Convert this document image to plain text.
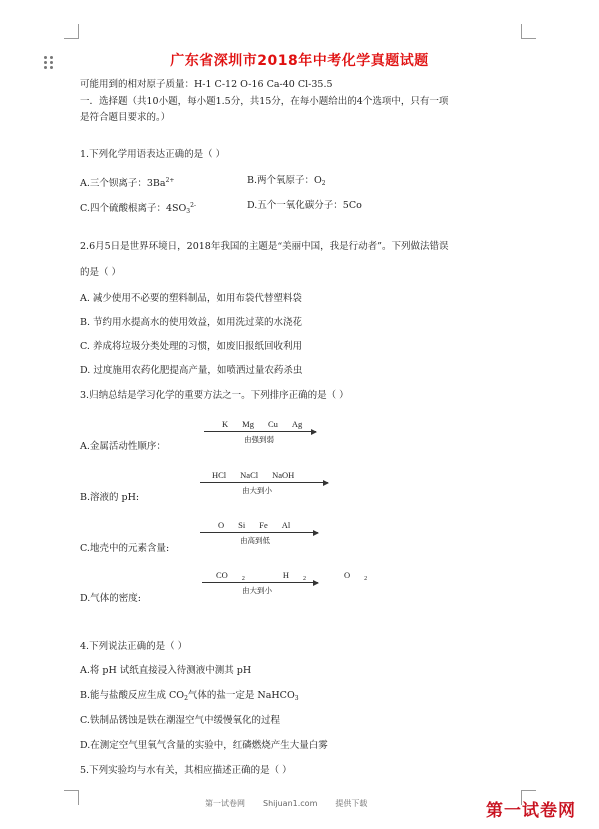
广东省深圳市2018年中考化学真题试题
可能用到的相对原子质量：H-1 C-12 O-16 Ca-40 Cl-35.5
一．选择题（共10小题，每小题1.5分，共15分，在每小题给出的4个选项中，只有一项
是符合题目要求的。）
1.下列化学用语表达正确的是（ ）
A.三个钡离子：$3Ba^{2+}$	B.两个氧原子：$O_2$
C.四个硫酸根离子：$4SO_3^{2-}$	D.五个一氧化碳分子：5Co
2.6月5日是世界环境日，2018年我国的主题是“美丽中国，我是行动者”。下列做法错误
的是（ ）
A. 减少使用不必要的塑料制品，如用布袋代替塑料袋
B. 节约用水提高水的使用效益，如用洗过菜的水浇花
C. 养成将垃圾分类处理的习惯，如废旧报纸回收利用
D. 过度施用农药化肥提高产量，如喷洒过量农药杀虫
3.归纳总结是学习化学的重要方法之一。下列排序正确的是（ ）
K Mg Cu Ag
由强到弱
A.金属活动性顺序：
HCl NaCl NaOH
由大到小
B.溶液的 pH:
O Si Fe Al
由高到低
C.地壳中的元素含量:
CO 2	H 2	O 2
由大到小
D.气体的密度:
4.下列说法正确的是（ ）
A.将 pH 试纸直接浸入待测液中测其 pH
B.能与盐酸反应生成 $CO_2$气体的盐一定是 NaHCO$_3$
C.铁制品锈蚀是铁在潮湿空气中缓慢氧化的过程
D.在测定空气里氧气含量的实验中，红磷燃烧产生大量白雾
5.下列实验均与水有关，其相应描述正确的是（ ）
第一试卷网 Shijuan1.com 提供下载	第一试卷网
